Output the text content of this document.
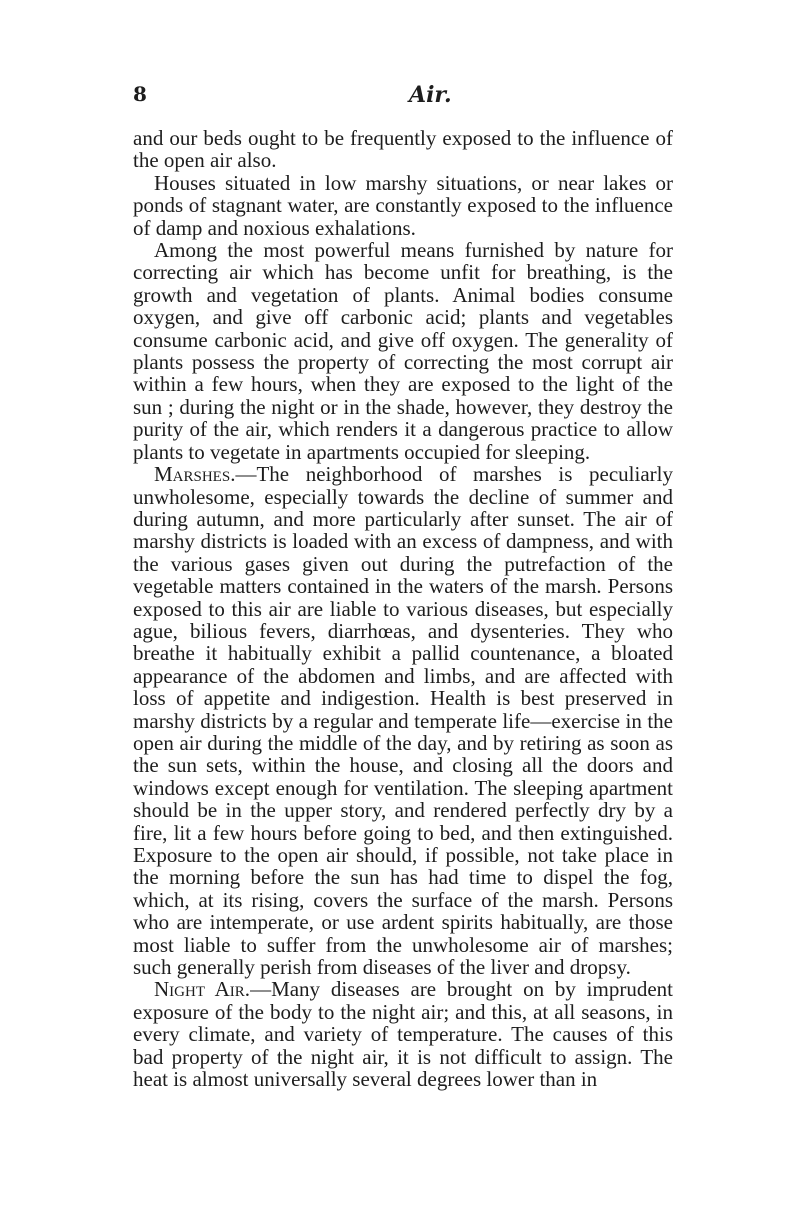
8	Air.

and our beds ought to be frequently exposed to the influence of the open air also.

Houses situated in low marshy situations, or near lakes or ponds of stagnant water, are constantly exposed to the influence of damp and noxious exhalations.

Among the most powerful means furnished by nature for correcting air which has become unfit for breathing, is the growth and vegetation of plants. Animal bodies consume oxygen, and give off carbonic acid; plants and vegetables consume carbonic acid, and give off oxygen. The generality of plants possess the property of correcting the most corrupt air within a few hours, when they are exposed to the light of the sun ; during the night or in the shade, however, they destroy the purity of the air, which renders it a dangerous practice to allow plants to vegetate in apartments occupied for sleeping.

Marshes.—The neighborhood of marshes is peculiarly unwholesome, especially towards the decline of summer and during autumn, and more particularly after sunset. The air of marshy districts is loaded with an excess of dampness, and with the various gases given out during the putrefaction of the vegetable matters contained in the waters of the marsh. Persons exposed to this air are liable to various diseases, but especially ague, bilious fevers, diarrhœas, and dysenteries. They who breathe it habitually exhibit a pallid countenance, a bloated appearance of the abdomen and limbs, and are affected with loss of appetite and indigestion. Health is best preserved in marshy districts by a regular and temperate life—exercise in the open air during the middle of the day, and by retiring as soon as the sun sets, within the house, and closing all the doors and windows except enough for ventilation. The sleeping apartment should be in the upper story, and rendered perfectly dry by a fire, lit a few hours before going to bed, and then extinguished. Exposure to the open air should, if possible, not take place in the morning before the sun has had time to dispel the fog, which, at its rising, covers the surface of the marsh. Persons who are intemperate, or use ardent spirits habitually, are those most liable to suffer from the unwholesome air of marshes; such generally perish from diseases of the liver and dropsy.

Night Air.—Many diseases are brought on by imprudent exposure of the body to the night air; and this, at all seasons, in every climate, and variety of temperature. The causes of this bad property of the night air, it is not difficult to assign. The heat is almost universally several degrees lower than in
